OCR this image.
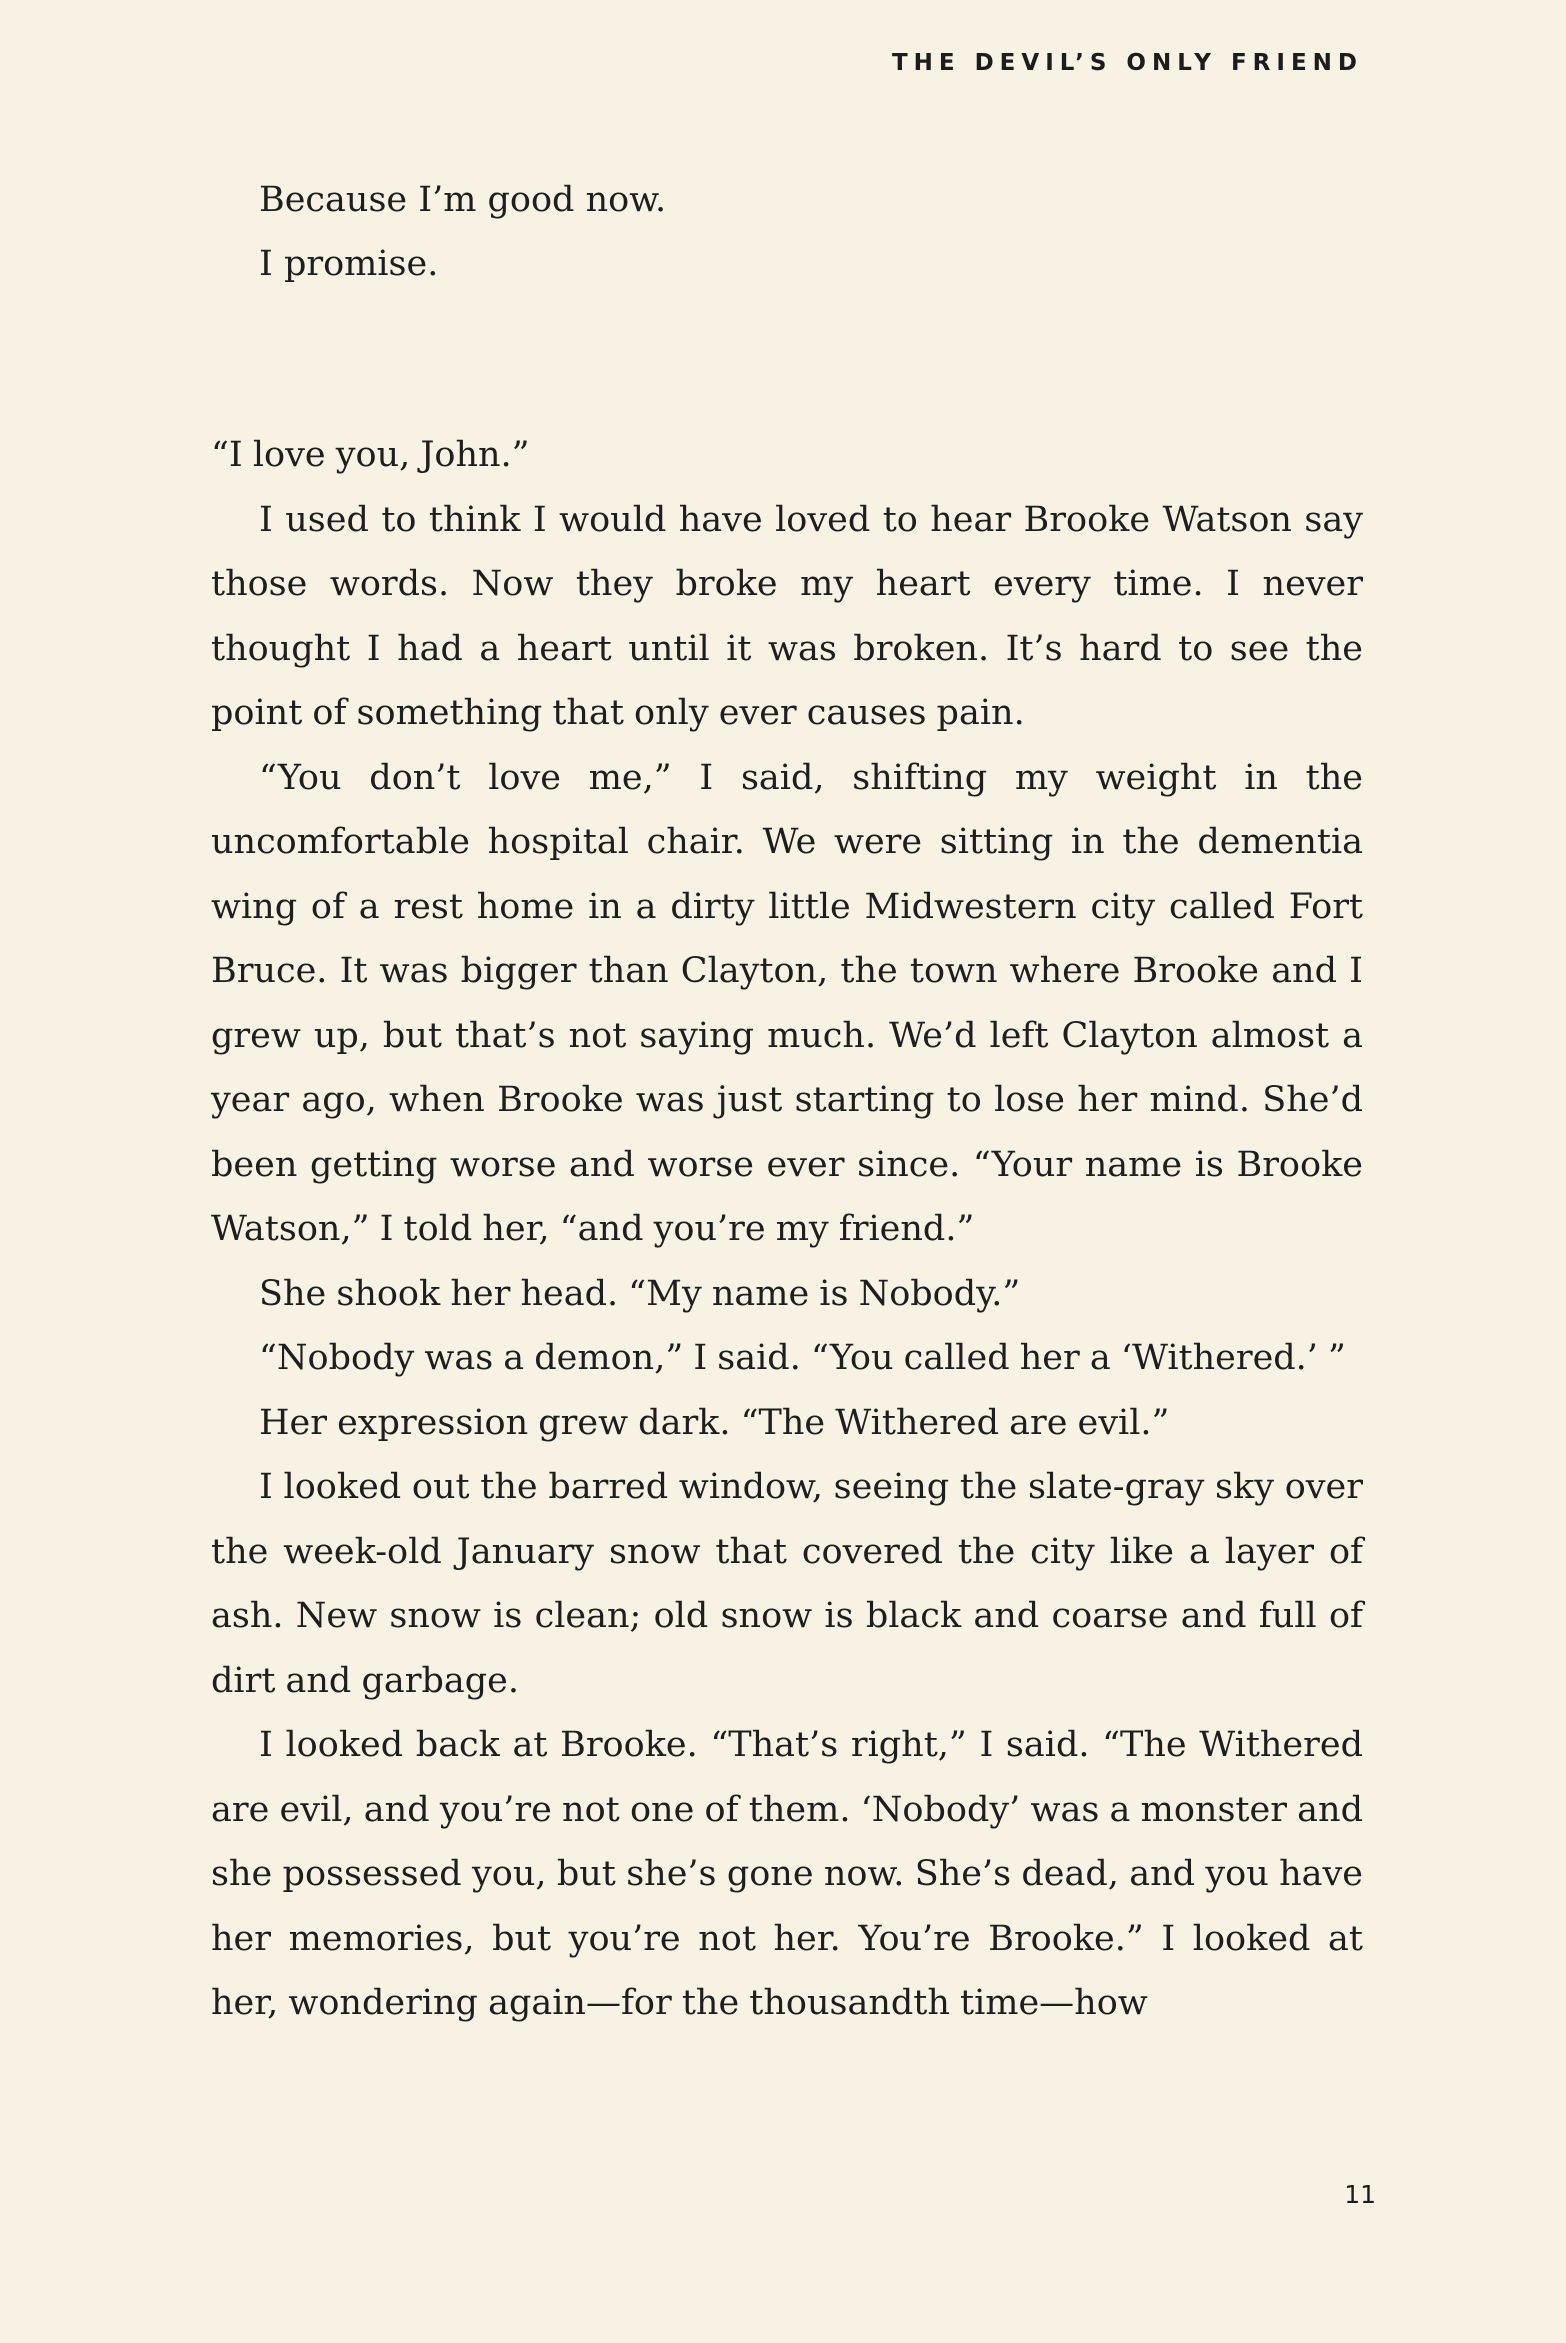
THE DEVIL’S ONLY FRIEND

Because I’m good now.

I promise.

“I love you, John.”

I used to think I would have loved to hear Brooke Watson say those words. Now they broke my heart every time. I never thought I had a heart until it was broken. It’s hard to see the point of something that only ever causes pain.

“You don’t love me,” I said, shifting my weight in the uncomfortable hospital chair. We were sitting in the dementia wing of a rest home in a dirty little Midwestern city called Fort Bruce. It was bigger than Clayton, the town where Brooke and I grew up, but that’s not saying much. We’d left Clayton almost a year ago, when Brooke was just starting to lose her mind. She’d been getting worse and worse ever since. “Your name is Brooke Watson,” I told her, “and you’re my friend.”

She shook her head. “My name is Nobody.”

“Nobody was a demon,” I said. “You called her a ‘Withered.’ ”

Her expression grew dark. “The Withered are evil.”

I looked out the barred window, seeing the slate-gray sky over the week-old January snow that covered the city like a layer of ash. New snow is clean; old snow is black and coarse and full of dirt and garbage.

I looked back at Brooke. “That’s right,” I said. “The Withered are evil, and you’re not one of them. ‘Nobody’ was a monster and she possessed you, but she’s gone now. She’s dead, and you have her memories, but you’re not her. You’re Brooke.” I looked at her, wondering again—for the thousandth time—how

11
